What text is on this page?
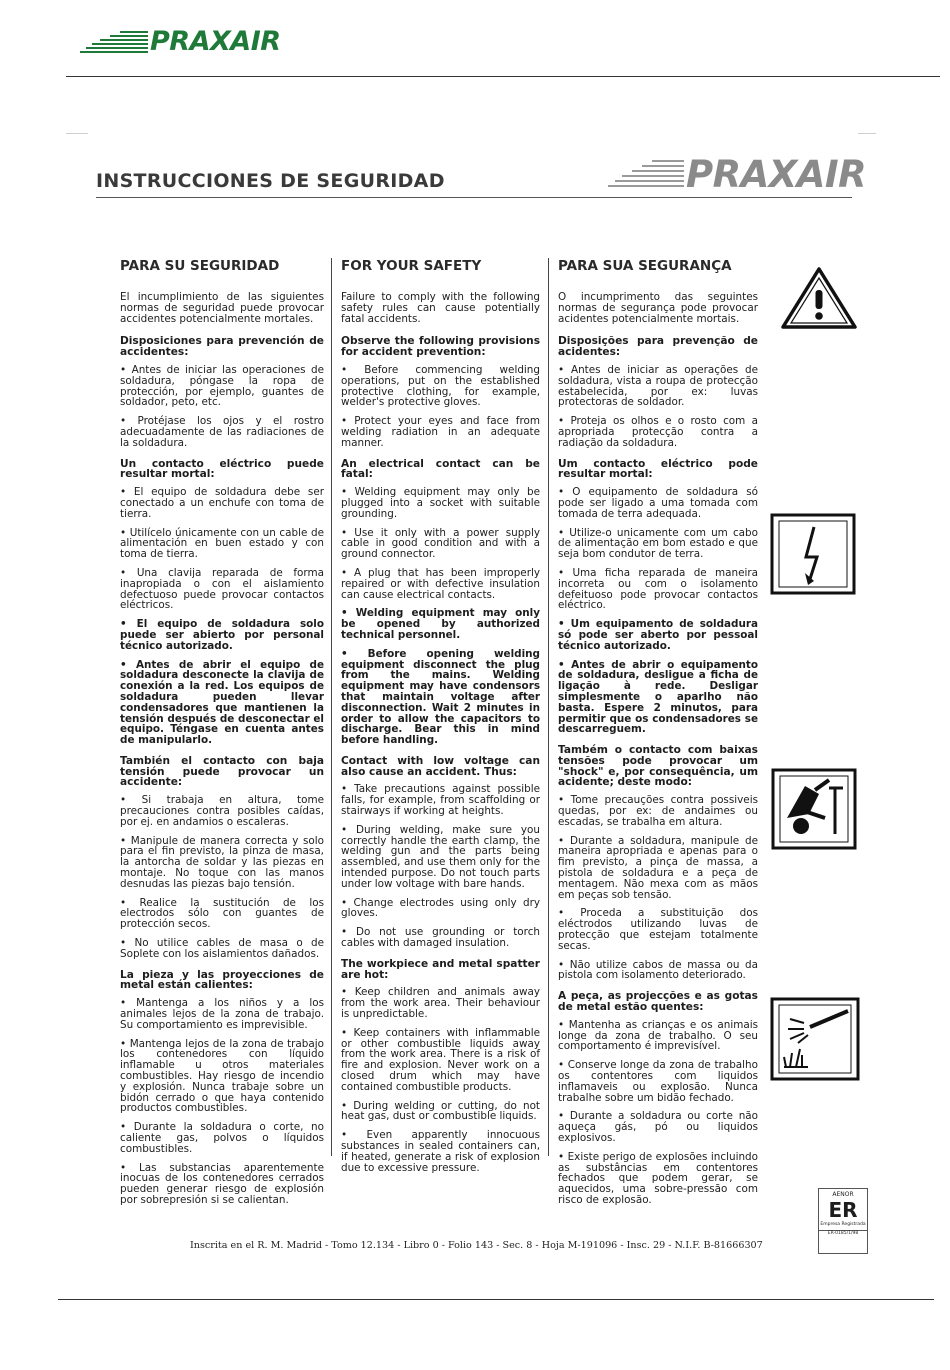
PRAXAIR
INSTRUCCIONES DE SEGURIDAD	PRAXAIR
PARA SU SEGURIDAD

El incumplimiento de las siguientes normas de seguridad puede provocar accidentes potencialmente mortales.

Disposiciones para prevención de accidentes:

• Antes de iniciar las operaciones de soldadura, póngase la ropa de protección, por ejemplo, guantes de soldador, peto, etc.

• Protéjase los ojos y el rostro adecuadamente de las radiaciones de la soldadura.

Un contacto eléctrico puede resultar mortal:

• El equipo de soldadura debe ser conectado a un enchufe con toma de tierra.

• Utilícelo únicamente con un cable de alimentación en buen estado y con toma de tierra.

• Una clavija reparada de forma inapropiada o con el aislamiento defectuoso puede provocar contactos eléctricos.

• El equipo de soldadura solo puede ser abierto por personal técnico autorizado.

• Antes de abrir el equipo de soldadura desconecte la clavija de conexión a la red. Los equipos de soldadura pueden llevar condensadores que mantienen la tensión después de desconectar el equipo. Téngase en cuenta antes de manipularlo.

También el contacto con baja tensión puede provocar un accidente:

• Si trabaja en altura, tome precauciones contra posibles caídas, por ej. en andamios o escaleras.

• Manipule de manera correcta y solo para el fin previsto, la pinza de masa, la antorcha de soldar y las piezas en montaje. No toque con las manos desnudas las piezas bajo tensión.

• Realice la sustitución de los electrodos sólo con guantes de protección secos.

• No utilice cables de masa o de Soplete con los aislamientos dañados.

La pieza y las proyecciones de metal están calientes:

• Mantenga a los niños y a los animales lejos de la zona de trabajo. Su comportamiento es imprevisible.

• Mantenga lejos de la zona de trabajo los contenedores con líquido inflamable u otros materiales combustibles. Hay riesgo de incendio y explosión. Nunca trabaje sobre un bidón cerrado o que haya contenido productos combustibles.

• Durante la soldadura o corte, no caliente gas, polvos o líquidos combustibles.

• Las substancias aparentemente inocuas de los contenedores cerrados pueden generar riesgo de explosión por sobrepresión si se calientan.

FOR YOUR SAFETY

Failure to comply with the following safety rules can cause potentially fatal accidents.

Observe the following provisions for accident prevention:

• Before commencing welding operations, put on the established protective clothing, for example, welder's protective gloves.

• Protect your eyes and face from welding radiation in an adequate manner.

An electrical contact can be fatal:

• Welding equipment may only be plugged into a socket with suitable grounding.

• Use it only with a power supply cable in good condition and with a ground connector.

• A plug that has been improperly repaired or with defective insulation can cause electrical contacts.

• Welding equipment may only be opened by authorized technical personnel.

• Before opening welding equipment disconnect the plug from the mains. Welding equipment may have condensors that maintain voltage after disconnection. Wait 2 minutes in order to allow the capacitors to discharge. Bear this in mind before handling.

Contact with low voltage can also cause an accident. Thus:

• Take precautions against possible falls, for example, from scaffolding or stairways if working at heights.

• During welding, make sure you correctly handle the earth clamp, the welding gun and the parts being assembled, and use them only for the intended purpose. Do not touch parts under low voltage with bare hands.

• Change electrodes using only dry gloves.

• Do not use grounding or torch cables with damaged insulation.

The workpiece and metal spatter are hot:

• Keep children and animals away from the work area. Their behaviour is unpredictable.

• Keep containers with inflammable or other combustible liquids away from the work area. There is a risk of fire and explosion. Never work on a closed drum which may have contained combustible products.

• During welding or cutting, do not heat gas, dust or combustible liquids.

• Even apparently innocuous substances in sealed containers can, if heated, generate a risk of explosion due to excessive pressure.

PARA SUA SEGURANÇA

O incumprimento das seguintes normas de segurança pode provocar acidentes potencialmente mortais.

Disposições para prevenção de acidentes:

• Antes de iniciar as operações de soldadura, vista a roupa de protecção estabelecida, por ex: luvas protectoras de soldador.

• Proteja os olhos e o rosto com a apropriada protecção contra a radiação da soldadura.

Um contacto eléctrico pode resultar mortal:

• O equipamento de soldadura só pode ser ligado a uma tomada com tomada de terra adequada.

• Utilize-o unicamente com um cabo de alimentação em bom estado e que seja bom condutor de terra.

• Uma ficha reparada de maneira incorreta ou com o isolamento defeituoso pode provocar contactos eléctrico.

• Um equipamento de soldadura só pode ser aberto por pessoal técnico autorizado.

• Antes de abrir o equipamento de soldadura, desligue a ficha de ligação à rede. Desligar simplesmente o aparlho não basta. Espere 2 minutos, para permitir que os condensadores se descarreguem.

Também o contacto com baixas tensões pode provocar um "shock" e, por consequência, um acidente; deste modo:

• Tome precauções contra possiveis quedas, por ex: de andaimes ou escadas, se trabalha em altura.

• Durante a soldadura, manipule de maneira apropriada e apenas para o fim previsto, a pinça de massa, a pistola de soldadura e a peça de mentagem. Não mexa com as mãos em peças sob tensão.

• Proceda a substituição dos eléctrodos utilizando luvas de protecção que estejam totalmente secas.

• Não utilize cabos de massa ou da pistola com isolamento deteriorado.

A peça, as projecções e as gotas de metal estão quentes:

• Mantenha as crianças e os animais longe da zona de trabalho. O seu comportamento é imprevisível.

• Conserve longe da zona de trabalho os contentores com liquidos inflamaveis ou explosão. Nunca trabalhe sobre um bidão fechado.

• Durante a soldadura ou corte não aqueça gás, pó ou liquidos explosivos.

• Existe perigo de explosões incluindo as substâncias em contentores fechados que podem gerar, se aquecidos, uma sobre-pressão com risco de explosão.

Inscrita en el R. M. Madrid - Tomo 12.134 - Libro 0 - Folio 143 - Sec. 8 - Hoja M-191096 - Insc. 29 - N.I.F. B-81666307
AENOR
ER
Empresa Registrada
ER-0185/1/98
